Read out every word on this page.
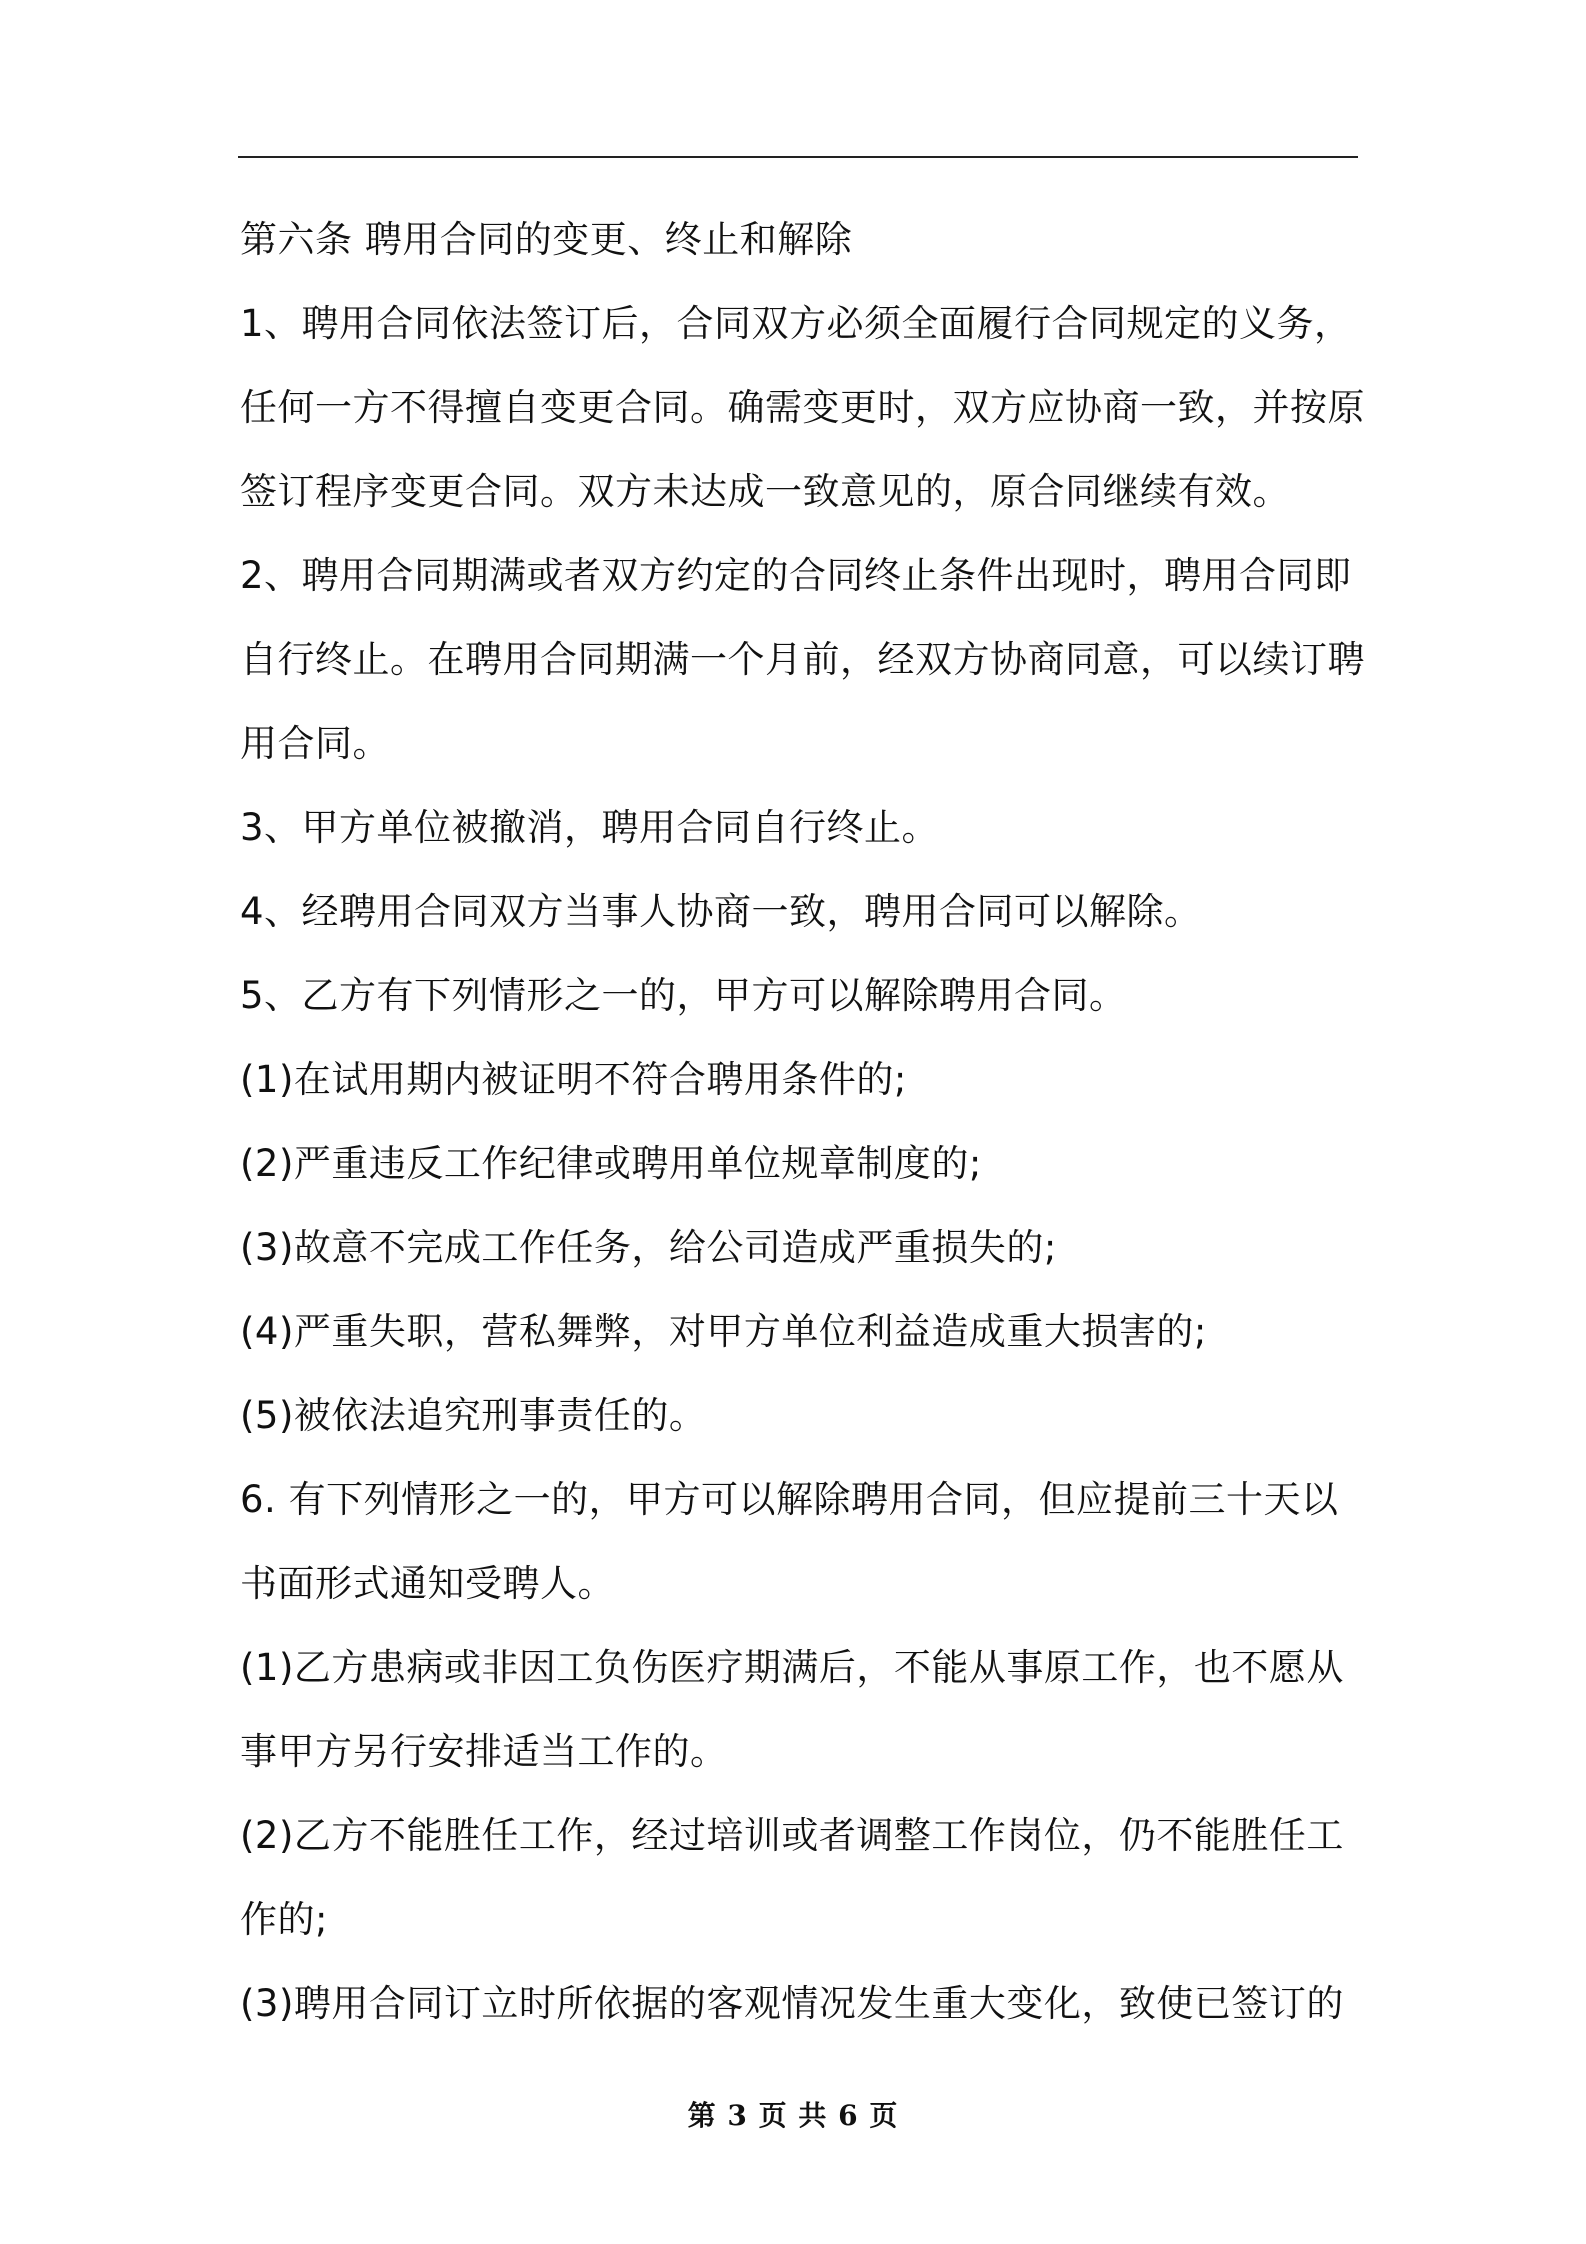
第六条 聘用合同的变更、终止和解除
1、聘用合同依法签订后，合同双方必须全面履行合同规定的义务，
任何一方不得擅自变更合同。确需变更时，双方应协商一致，并按原
签订程序变更合同。双方未达成一致意见的，原合同继续有效。
2、聘用合同期满或者双方约定的合同终止条件出现时，聘用合同即
自行终止。在聘用合同期满一个月前，经双方协商同意，可以续订聘
用合同。
3、甲方单位被撤消，聘用合同自行终止。
4、经聘用合同双方当事人协商一致，聘用合同可以解除。
5、乙方有下列情形之一的，甲方可以解除聘用合同。
(1)在试用期内被证明不符合聘用条件的;
(2)严重违反工作纪律或聘用单位规章制度的;
(3)故意不完成工作任务，给公司造成严重损失的;
(4)严重失职，营私舞弊，对甲方单位利益造成重大损害的;
(5)被依法追究刑事责任的。
6. 有下列情形之一的，甲方可以解除聘用合同，但应提前三十天以
书面形式通知受聘人。
(1)乙方患病或非因工负伤医疗期满后，不能从事原工作，也不愿从
事甲方另行安排适当工作的。
(2)乙方不能胜任工作，经过培训或者调整工作岗位，仍不能胜任工
作的;
(3)聘用合同订立时所依据的客观情况发生重大变化，致使已签订的
第 3 页 共 6 页
